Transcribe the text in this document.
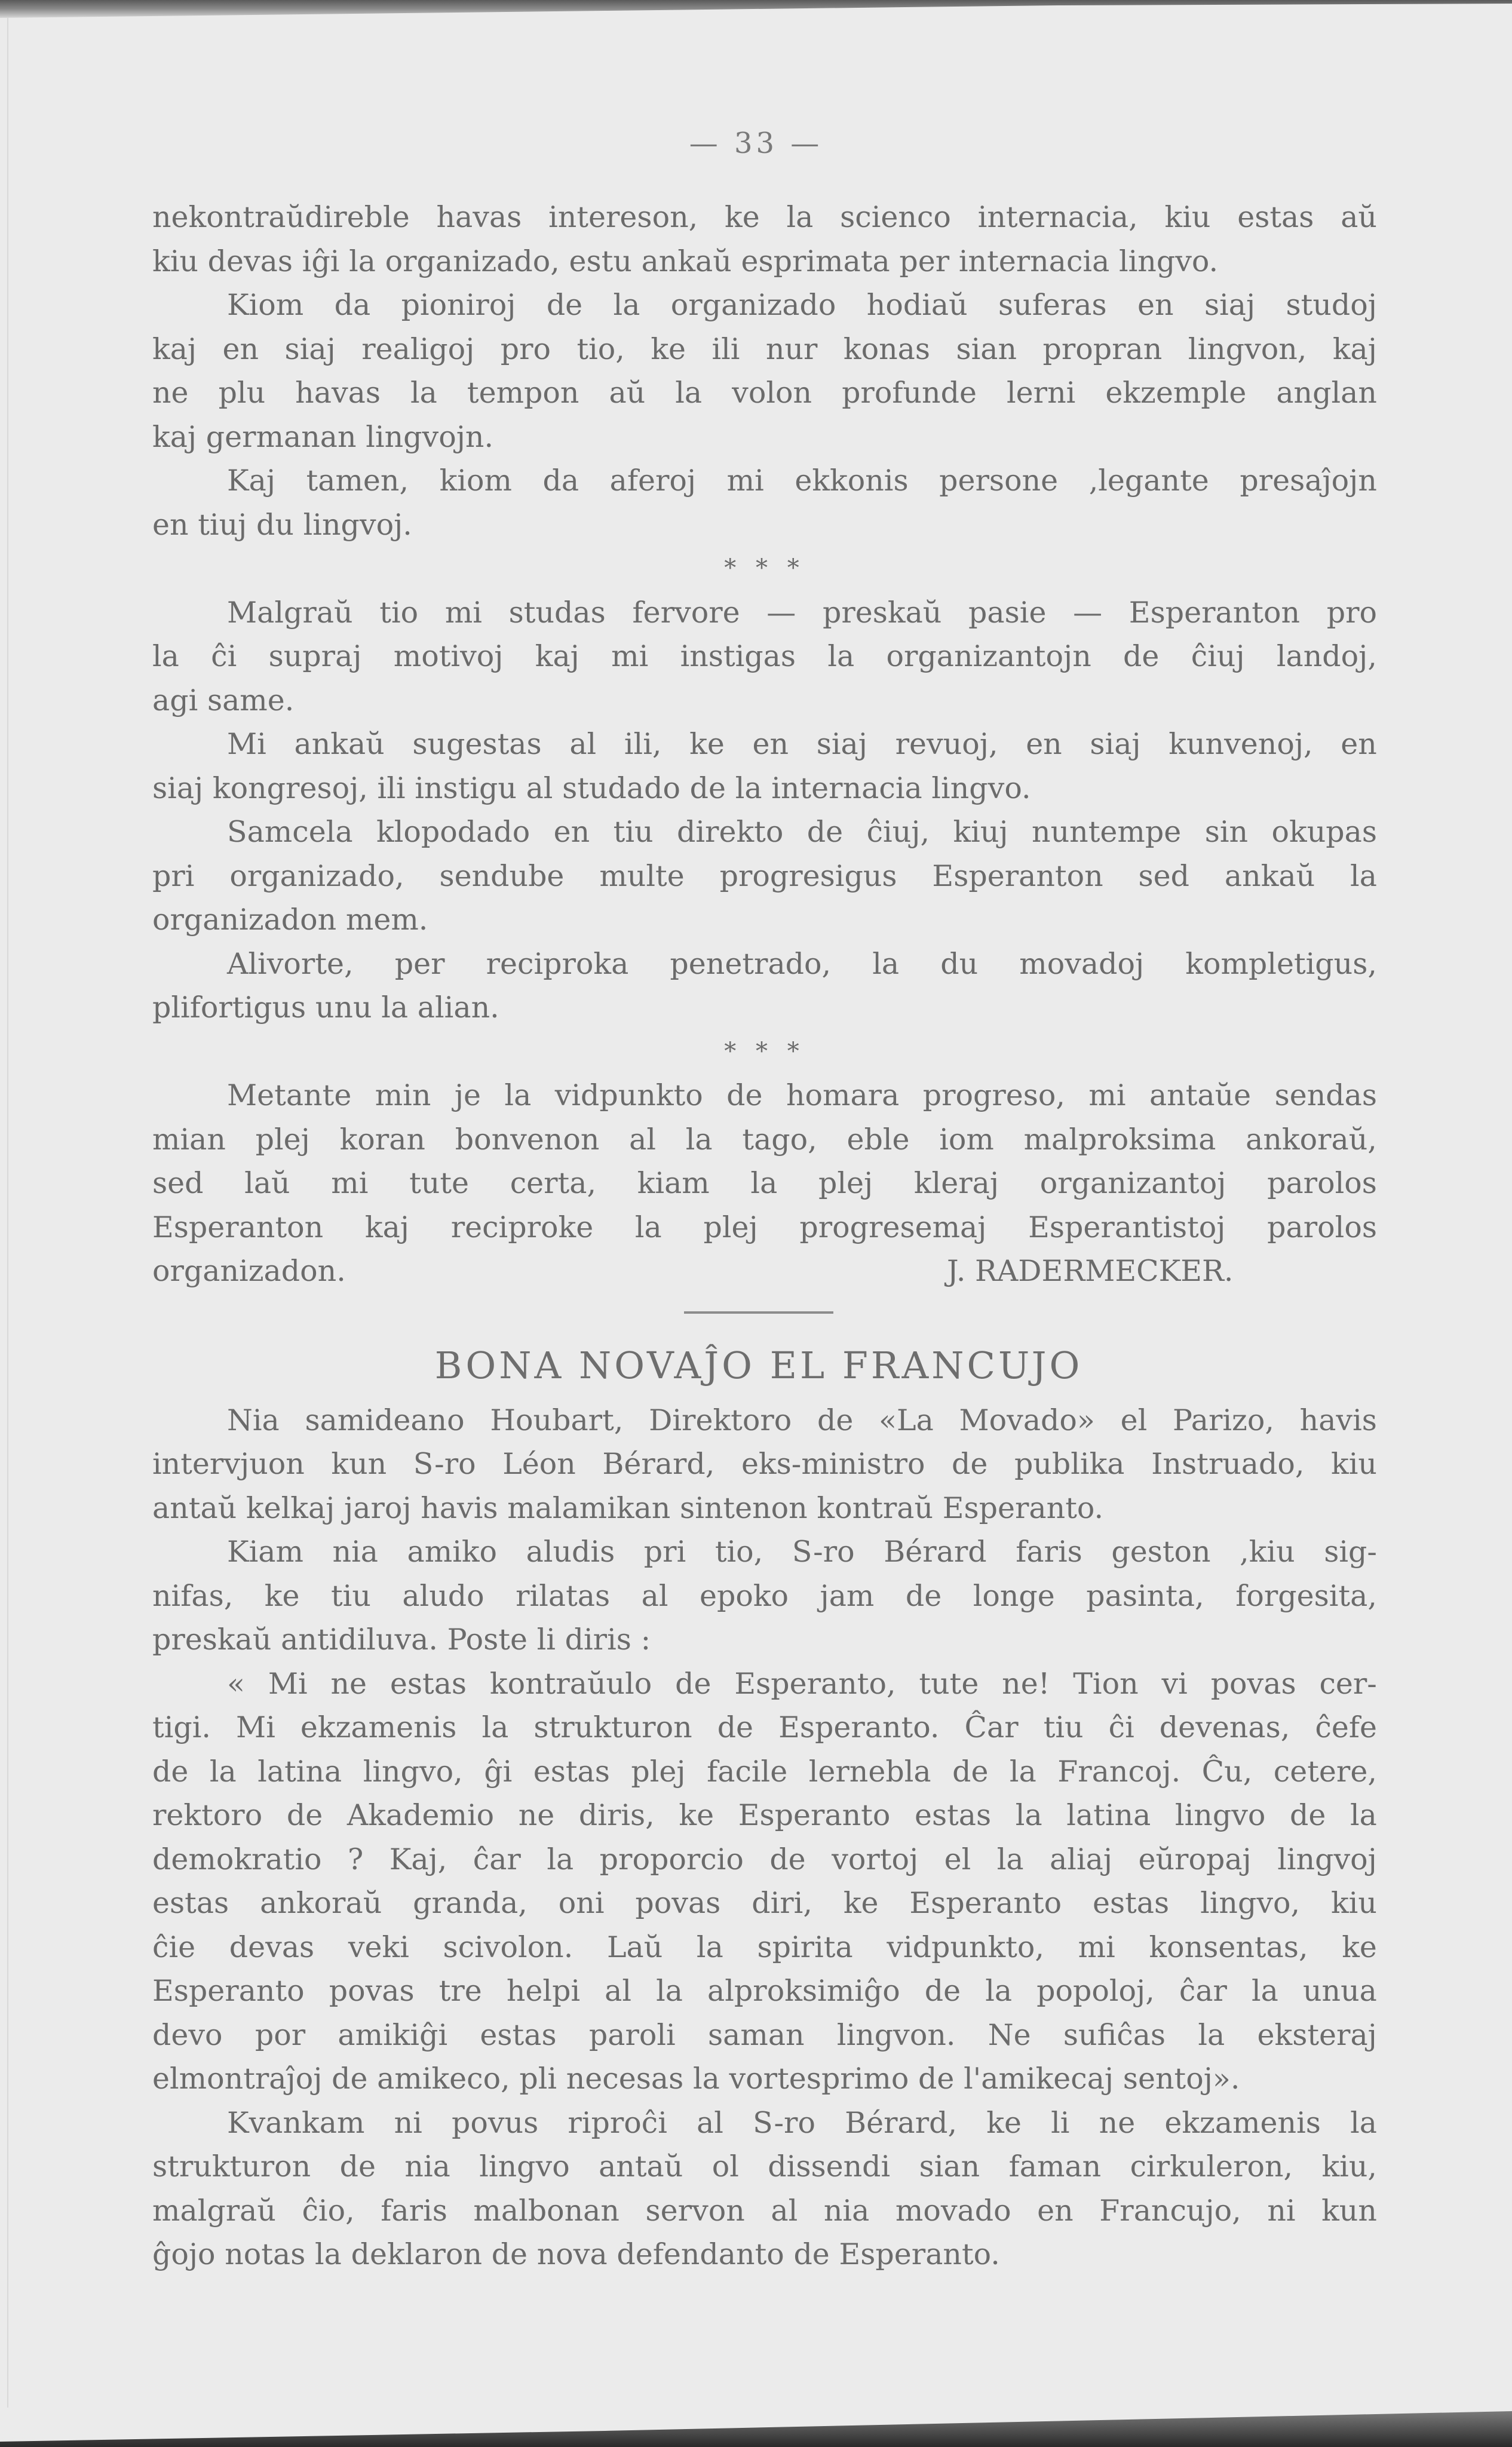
— 33 —
nekontraŭdireble havas intereson, ke la scienco internacia, kiu estas aŭ
kiu devas iĝi la organizado, estu ankaŭ esprimata per internacia lingvo.
Kiom da pioniroj de la organizado hodiaŭ suferas en siaj studoj
kaj en siaj realigoj pro tio, ke ili nur konas sian propran lingvon, kaj
ne plu havas la tempon aŭ la volon profunde lerni ekzemple anglan
kaj germanan lingvojn.
Kaj tamen, kiom da aferoj mi ekkonis persone ,legante presaĵojn
en tiuj du lingvoj.
* * *
Malgraŭ tio mi studas fervore — preskaŭ pasie — Esperanton pro
la ĉi supraj motivoj kaj mi instigas la organizantojn de ĉiuj landoj,
agi same.
Mi ankaŭ sugestas al ili, ke en siaj revuoj, en siaj kunvenoj, en
siaj kongresoj, ili instigu al studado de la internacia lingvo.
Samcela klopodado en tiu direkto de ĉiuj, kiuj nuntempe sin okupas
pri organizado, sendube multe progresigus Esperanton sed ankaŭ la
organizadon mem.
Alivorte, per reciproka penetrado, la du movadoj kompletigus,
plifortigus unu la alian.
* * *
Metante min je la vidpunkto de homara progreso, mi antaŭe sendas
mian plej koran bonvenon al la tago, eble iom malproksima ankoraŭ,
sed laŭ mi tute certa, kiam la plej kleraj organizantoj parolos
Esperanton kaj reciproke la plej progresemaj Esperantistoj parolos
organizadon.	J. RADERMECKER.
BONA NOVAĴO EL FRANCUJO
Nia samideano Houbart, Direktoro de «La Movado» el Parizo, havis
intervjuon kun S-ro Léon Bérard, eks-ministro de publika Instruado, kiu
antaŭ kelkaj jaroj havis malamikan sintenon kontraŭ Esperanto.
Kiam nia amiko aludis pri tio, S-ro Bérard faris geston ,kiu sig-
nifas, ke tiu aludo rilatas al epoko jam de longe pasinta, forgesita,
preskaŭ antidiluva. Poste li diris :
« Mi ne estas kontraŭulo de Esperanto, tute ne! Tion vi povas cer-
tigi. Mi ekzamenis la strukturon de Esperanto. Ĉar tiu ĉi devenas, ĉefe
de la latina lingvo, ĝi estas plej facile lernebla de la Francoj. Ĉu, cetere,
rektoro de Akademio ne diris, ke Esperanto estas la latina lingvo de la
demokratio ? Kaj, ĉar la proporcio de vortoj el la aliaj eŭropaj lingvoj
estas ankoraŭ granda, oni povas diri, ke Esperanto estas lingvo, kiu
ĉie devas veki scivolon. Laŭ la spirita vidpunkto, mi konsentas, ke
Esperanto povas tre helpi al la alproksimiĝo de la popoloj, ĉar la unua
devo por amikiĝi estas paroli saman lingvon. Ne sufiĉas la eksteraj
elmontraĵoj de amikeco, pli necesas la vortesprimo de l'amikecaj sentoj».
Kvankam ni povus riproĉi al S-ro Bérard, ke li ne ekzamenis la
strukturon de nia lingvo antaŭ ol dissendi sian faman cirkuleron, kiu,
malgraŭ ĉio, faris malbonan servon al nia movado en Francujo, ni kun
ĝojo notas la deklaron de nova defendanto de Esperanto.
